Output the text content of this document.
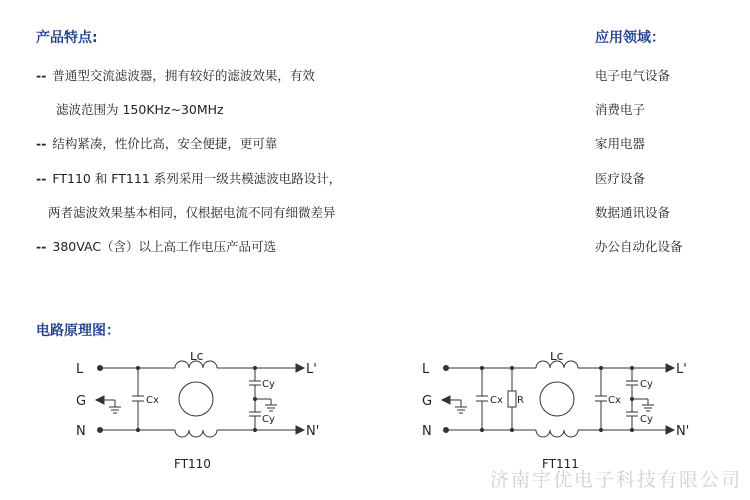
产品特点:	应用领域：
-- 普通型交流滤波器，拥有较好的滤波效果，有效
滤波范围为 150KHz~30MHz
-- 结构紧凑，性价比高，安全便捷，更可靠
-- FT110 和 FT111 系列采用一级共模滤波电路设计，
两者滤波效果基本相同，仅根据电流不同有细微差异
-- 380VAC（含）以上高工作电压产品可选
电子电气设备
消费电子
家用电器
医疗设备
数据通讯设备
办公自动化设备
电路原理图：
L
G
N
L'
N'
Lc
Cx
Cy
Cy
FT110
L
G
N
L'
N'
Lc
Cx R	Cx
Cy
Cy
FT111
济南宇优电子科技有限公司
